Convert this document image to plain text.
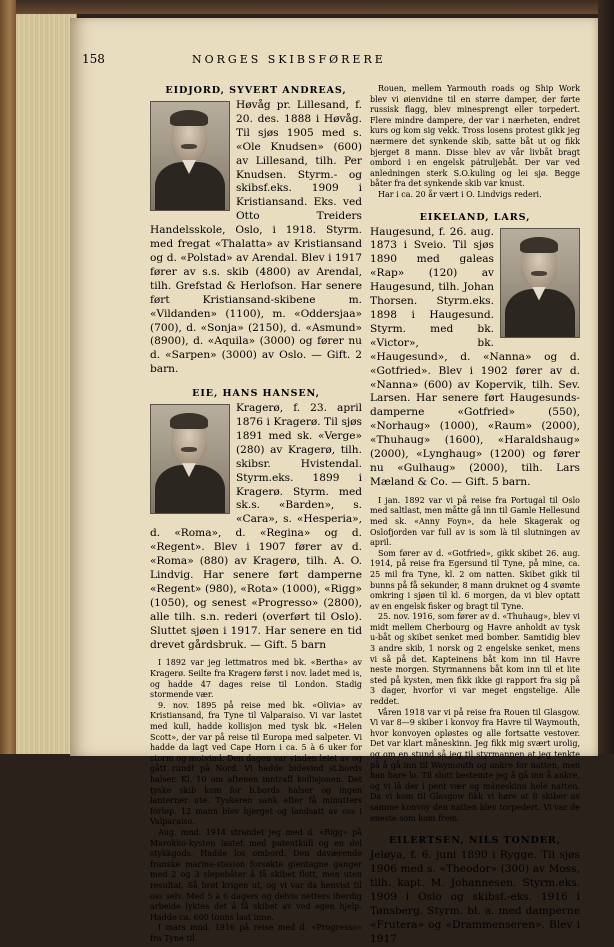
158	NORGES SKIBSFØRERE
EIDJORD, SYVERT ANDREAS,

Høvåg pr. Lillesand, f. 20. des. 1888 i Høvåg. Til sjøs 1905 med s. «Ole Knudsen» (600) av Lillesand, tilh. Per Knudsen. Styrm.- og skibsf.eks. 1909 i Kristiansand. Eks. ved Otto Treiders Handelsskole, Oslo, i 1918. Styrm. med fregat «Thalatta» av Kristiansand og d. «Polstad» av Arendal. Blev i 1917 fører av s.s. skib (4800) av Arendal, tilh. Grefstad & Herlofson. Har senere ført Kristiansand-skibene m. «Vildanden» (1100), m. «Oddersjaa» (700), d. «Sonja» (2150), d. «Asmund» (8900), d. «Aquila» (3000) og fører nu d. «Sarpen» (3000) av Oslo. — Gift. 2 barn.

EIE, HANS HANSEN,

Kragerø, f. 23. april 1876 i Kragerø. Til sjøs 1891 med sk. «Verge» (280) av Kragerø, tilh. skibsr. Hvistendal. Styrm.eks. 1899 i Kragerø. Styrm. med sk.s. «Barden», s. «Cara», s. «Hesperia», d. «Roma», d. «Regina» og d. «Regent». Blev i 1907 fører av d. «Roma» (880) av Kragerø, tilh. A. O. Lindvig. Har senere ført damperne «Regent» (980), «Rota» (1000), «Rigg» (1050), og senest «Progresso» (2800), alle tilh. s.n. rederi (overført til Oslo). Sluttet sjøen i 1917. Har senere en tid drevet gårdsbruk. — Gift. 5 barn

I 1892 var jeg lettmatros med bk. «Bertha» av Kragerø. Seilte fra Kragerø først i nov. ladet med is, og hadde 47 dages reise til London. Stadig stormende vær.

9. nov. 1895 på reise med bk. «Olivia» av Kristiansand, fra Tyne til Valparaiso. Vi var lastet med kull, hadde kollisjon med tysk bk. «Helen Scott», der var på reise til Europa med salpeter. Vi hadde da lagt ved Cape Horn i ca. 5 à 6 uker for storm og motvind. Den dagen var vinden leiet av og gått rundt på Nord. Vi hadde bidevind st.bords halser. Kl. 10 om aftenen inntraff kollisjonen. Det tyske skib kom for b.bords halser og ingen lanterner ute. Tyskeren sank efter få minutters forløp. 12 mann blev bjerget og landsatt av oss i Valparaiso.

Aug. mnd. 1914 strandet jeg med d. «Rigg» på Marokko-kysten lastet med patentkull og en del stykkgods. Hadde los ombord. Den daværende franske marine-stasion forsøkte gientagne ganger med 2 og 3 slepebåter å få skibet flott, men uten resultat. Så brøt krigen ut, og vi var da henvist til oss selv. Med 5 à 6 dagers og delvis netters iherdig arbeide lyktes det å få skibet av ved egen hjelp. Hadde ca. 600 tonns last inne.

I mars mnd. 1916 på reise med d. «Progresso» fra Tyne til

Rouen, mellem Yarmouth roads og Ship Work blev vi øienvidne til en større damper, der førte russisk flagg, blev minesprengt eller torpedert. Flere mindre dampere, der var i nærheten, endret kurs og kom sig vekk. Tross losens protest gikk jeg nærmere det synkende skib, satte båt ut og fikk bjerget 8 mann. Disse blev av vår livbåt bragt ombord i en engelsk pátruljebåt. Der var ved anledningen sterk S.O.kuling og lei sjø. Begge båter fra det synkende skib var knust.

Har i ca. 20 år vært i O. Lindvigs rederi.

EIKELAND, LARS,

Haugesund, f. 26. aug. 1873 i Sveio. Til sjøs 1890 med galeas «Rap» (120) av Haugesund, tilh. Johan Thorsen. Styrm.eks. 1898 i Haugesund. Styrm. med bk. «Victor», bk. «Haugesund», d. «Nanna» og d. «Gotfried». Blev i 1902 fører av d. «Nanna» (600) av Kopervik, tilh. Sev. Larsen. Har senere ført Haugesunds-damperne «Gotfried» (550), «Norhaug» (1000), «Raum» (2000), «Thuhaug» (1600), «Haraldshaug» (2000), «Lynghaug» (1200) og fører nu «Gulhaug» (2000), tilh. Lars Mæland & Co. — Gift. 5 barn.

I jan. 1892 var vi på reise fra Portugal til Oslo med saltlast, men måtte gå inn til Gamle Hellesund med sk. «Anny Foyn», da hele Skagerak og Oslofjorden var full av is som là til slutningen av april.

Som fører av d. «Gotfried», gikk skibet 26. aug. 1914, på reise fra Egersund til Tyne, på mine, ca. 25 mil fra Tyne, kl. 2 om natten. Skibet gikk til bunns på få sekunder, 8 mann druknet og 4 svømte omkring i sjøen til kl. 6 morgen, da vi blev optatt av en engelsk fisker og bragt til Tyne.

25. nov. 1916, som fører av d. «Thuhaug», blev vi midt mellem Cherbourg og Havre anholdt av tysk u-båt og skibet senket med bomber. Samtidig blev 3 andre skib, 1 norsk og 2 engelske senket, mens vi så på det. Kapteinens båt kom inn til Havre neste morgen. Styrmannens båt kom inn til et lite sted på kysten, men fikk ikke gi rapport fra sig på 3 dager, hvorfor vi var meget engstelige. Alle reddet.

Våren 1918 var vi på reise fra Rouen til Glasgow. Vi var 8—9 skiber i konvoy fra Havre til Waymouth, hvor konvoyen opløstes og alle fortsatte vestover. Det var klart måneskinn. Jeg fikk mig svært urolig, og om en stund så jeg til styrmannen at jeg tenkte på å gå inn til Waymouth og ankre for natten, men han bare lo. Til slutt bestemte jeg å gå inn å ankre, og vi lå der i pent vær og måneskinn hele natten. Da vi kom til Glasgow fikk vi høre at 8 skiber av samme konvoy den natten blev torpedert. Vi var de eneste som kom frem.

EILERTSEN, NILS TONDER,

Jeløya, f. 6. juni 1890 i Rygge. Til sjøs 1906 med s. «Theodor» (300) av Moss, tilh. kapt. M. Johannesen. Styrm.eks. 1909 i Oslo og skibsf.-eks. 1916 i Tønsberg. Styrm. bl. a. med damperne «Frutera» og «Drammenseren». Blev i 1917
